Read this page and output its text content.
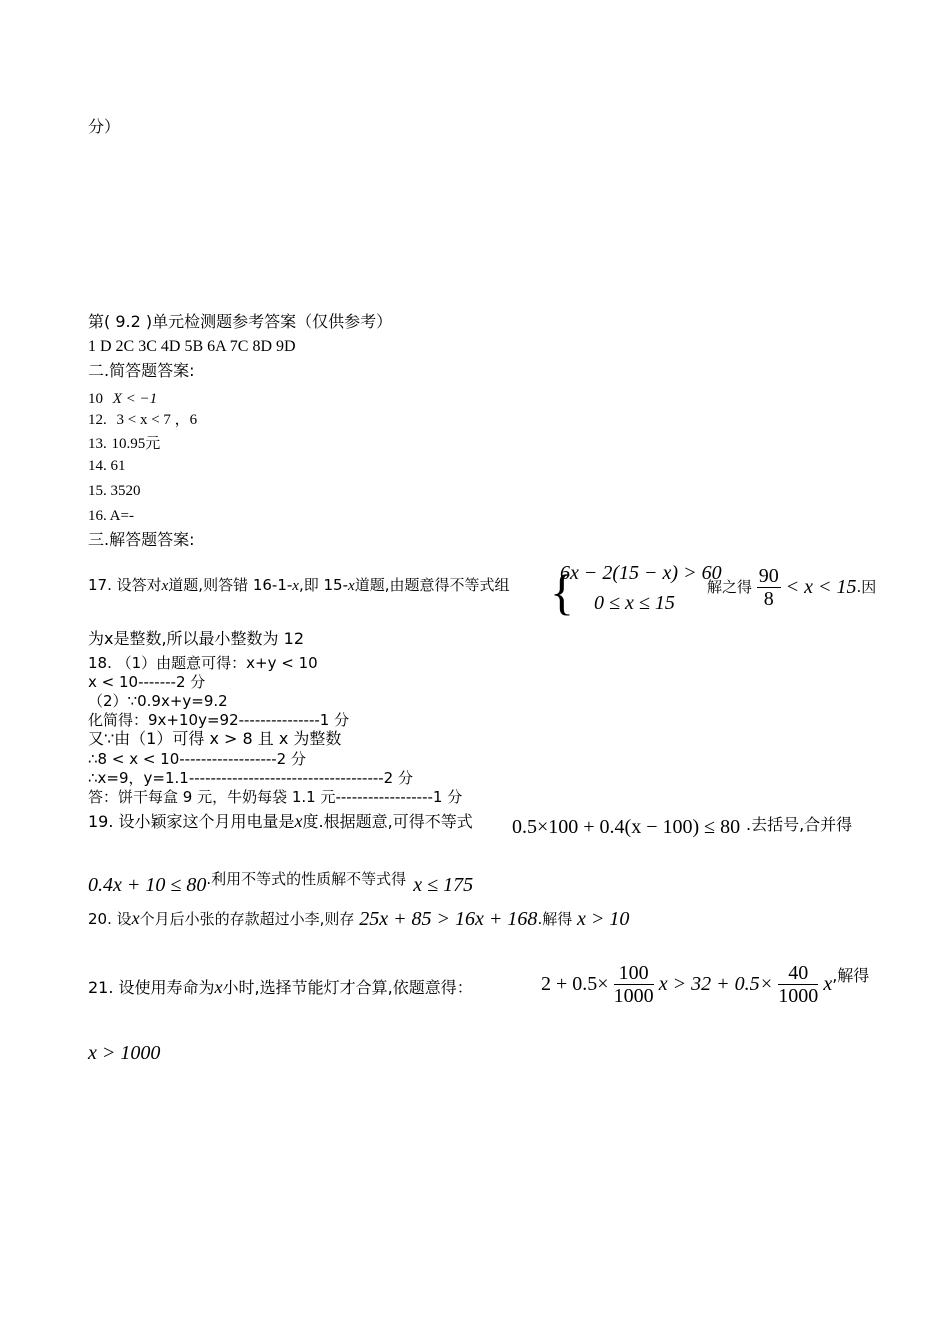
分）
第( 9.2 )单元检测题参考答案（仅供参考）
1 D 2C 3C 4D 5B 6A 7C 8D 9D
二.简答题答案:
10 X < −1
12. 3 < x < 7 ，6
13. 10.95元
14. 61
15. 3520
16. A=-
三.解答题答案:
17. 设答对x道题,则答错 16-1-x,即 15-x道题,由题意得不等式组 {
6x − 2(15 − x) > 60
0 ≤ x ≤ 15
解之得 $\frac{90}{8} < x < 15$.因
为x是整数,所以最小整数为 12
18. （1）由题意可得：x+y < 10
x < 10-------2 分
（2）∵0.9x+y=9.2
化简得：9x+10y=92---------------1 分
又∵由（1）可得 x > 8 且 x 为整数
∴8 < x < 10------------------2 分
∴x=9，y=1.1------------------------------------2 分
答：饼干每盒 9 元，牛奶每袋 1.1 元------------------1 分
19. 设小颖家这个月用电量是x度.根据题意,可得不等式 0.5×100 + 0.4(x − 100) ≤ 80 .去括号,合并得
0.4x + 10 ≤ 80.利用不等式的性质解不等式得 x ≤ 175
20. 设x个月后小张的存款超过小李,则存 25x + 85 > 16x + 168.解得 x > 10
21. 设使用寿命为x小时,选择节能灯才合算,依题意得：	$2 + 0.5\times \frac{100}{1000}$ $x > 32 + 0.5\times \frac{40}{1000} x$,解得
x > 1000
